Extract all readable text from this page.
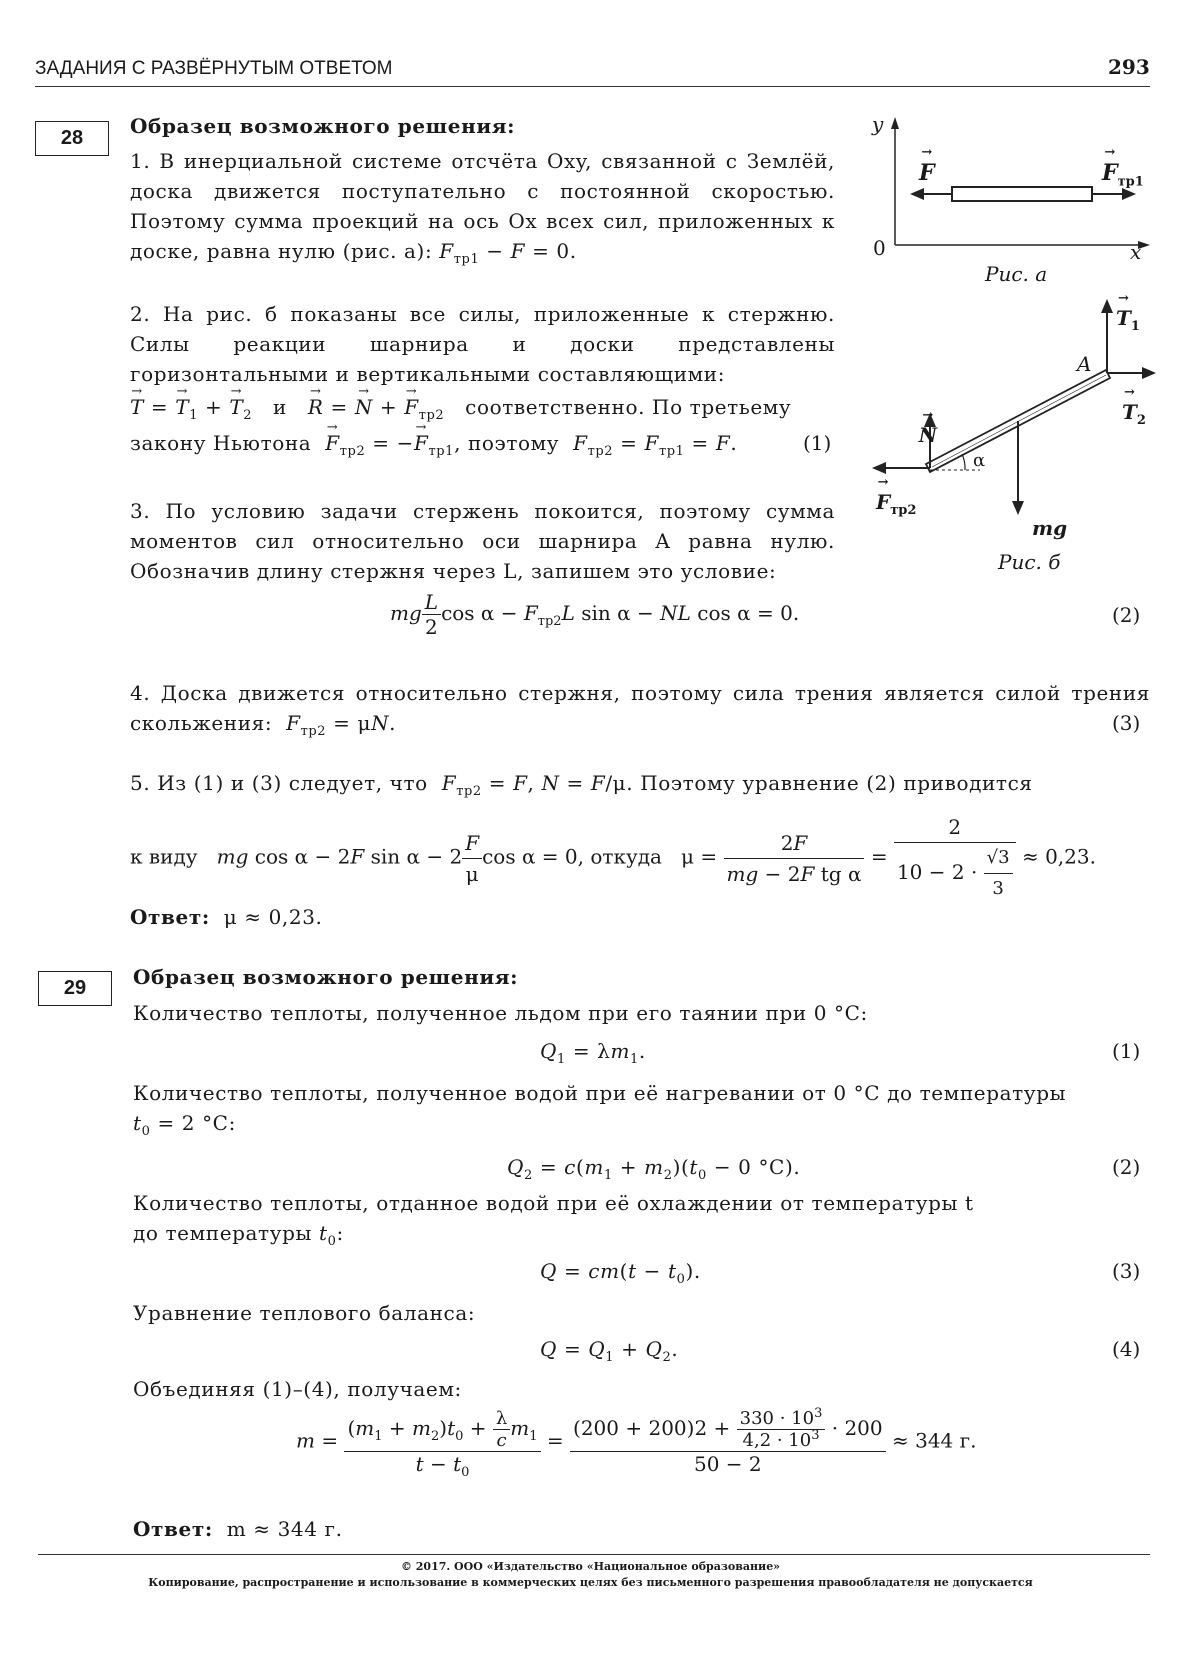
ЗАДАНИЯ С РАЗВЁРНУТЫМ ОТВЕТОМ	293
28	Образец возможного решения:
1. В инерциальной системе отсчёта Oxy, связанной с Землёй, доска движется поступательно с постоянной скоростью. Поэтому сумма проекций на ось Ox всех сил, приложенных к доске, равна нулю (рис. а): $F_{тр1} - F = 0$.
2. На рис. б показаны все силы, приложенные к стержню. Силы реакции шарнира и доски представлены горизонтальными и вертикальными составляющими:
→ T = → $T_1$ + → $T_2$ и → R = → N + → $F_{тр2}$ соответственно. По третьему
закону Ньютона → $F_{тр2}$ = −→ $F_{тр1}$, поэтому $F_{тр2} = F_{тр1} = F$.	(1)
3. По условию задачи стержень покоится, поэтому сумма моментов сил относительно оси шарнира A равна нулю. Обозначив длину стержня через L, запишем это условие:
mg $\frac{L}{2}$ $\cos \alpha - F_{тр2}L$ sin α − NL cos α = 0.	(2)
4. Доска движется относительно стержня, поэтому сила трения является силой трения скольжения: $F_{тр2} = \mu N$.	(3)
5. Из (1) и (3) следует, что $F_{тр2} = F$, N = F/μ. Поэтому уравнение (2) приводится
к виду mg cos α − 2F $\sin \alpha - 2 \frac{F}{\mu}$ cos α = 0, откуда   $\mu = \frac{2F}{\text{mg − 2F tg α}} = \frac{2}{10 - 2 \cdot \frac{√3}{3}} \approx 0,23$.
Ответ: μ ≈ 0,23.
y
x
0
→ F	→ $F_{тр1}$
Рис. а
A
→ $T_1$
→ $T_2$
→ N
→ $F_{тр2}$
mg
α
Рис. б
29	Образец возможного решения:
Количество теплоты, полученное льдом при его таянии при 0 °C:
$Q_1 = \lambda m_1$.	(1)
Количество теплоты, полученное водой при её нагревании от 0 °C до температуры
$t_0 = 2$ °C:
$Q_2 = c(m_1 + m_2)(t_0 - 0$ °C).	(2)
Количество теплоты, отданное водой при её охлаждении от температуры t
до температуры $t_0$:
$Q = cm(t - t_0)$.	(3)
Уравнение теплового баланса:
$Q = Q_1 + Q_2$.	(4)
Объединяя (1)–(4), получаем:
$m = \frac{(m_1 + m_2)t_0 + \frac{\lambda}{c} m_1}{t - t_0} = \frac{(200 + 200)2 + \frac{330 \cdot 10^3}{4,2 \cdot 10^3} \cdot 200}{50 - 2} \approx 344$ г.
Ответ: m ≈ 344 г.
© 2017. ООО «Издательство «Национальное образование»
Копирование, распространение и использование в коммерческих целях без письменного разрешения правообладателя не допускается
